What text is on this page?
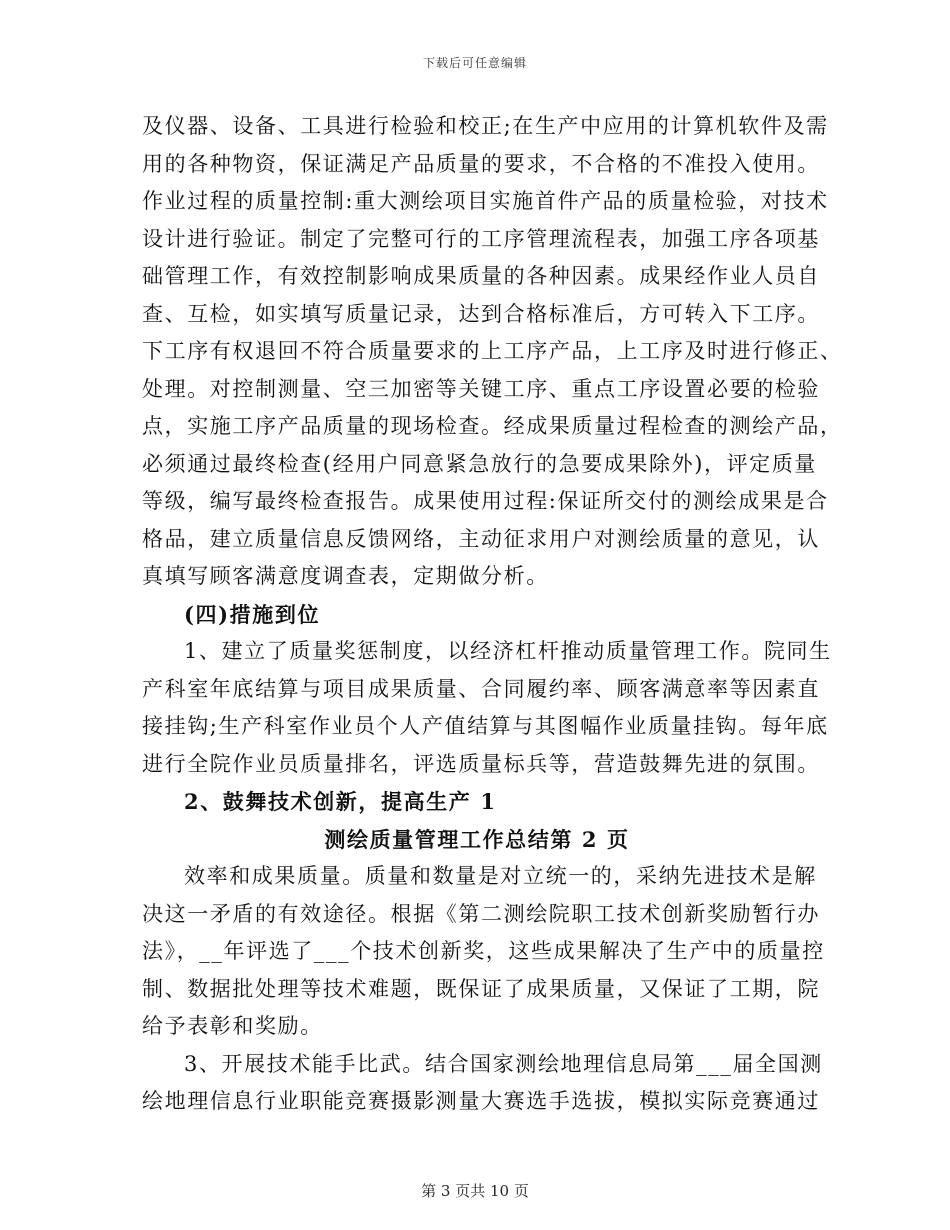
下载后可任意编辑
及仪器、设备、工具进行检验和校正;在生产中应用的计算机软件及需
用的各种物资，保证满足产品质量的要求，不合格的不准投入使用。
作业过程的质量控制:重大测绘项目实施首件产品的质量检验，对技术
设计进行验证。制定了完整可行的工序管理流程表，加强工序各项基
础管理工作，有效控制影响成果质量的各种因素。成果经作业人员自
查、互检，如实填写质量记录，达到合格标准后，方可转入下工序。
下工序有权退回不符合质量要求的上工序产品，上工序及时进行修正、
处理。对控制测量、空三加密等关键工序、重点工序设置必要的检验
点，实施工序产品质量的现场检查。经成果质量过程检查的测绘产品，
必须通过最终检查(经用户同意紧急放行的急要成果除外)，评定质量
等级，编写最终检查报告。成果使用过程:保证所交付的测绘成果是合
格品，建立质量信息反馈网络，主动征求用户对测绘质量的意见，认
真填写顾客满意度调查表，定期做分析。
(四)措施到位
1、建立了质量奖惩制度，以经济杠杆推动质量管理工作。院同生
产科室年底结算与项目成果质量、合同履约率、顾客满意率等因素直
接挂钩;生产科室作业员个人产值结算与其图幅作业质量挂钩。每年底
进行全院作业员质量排名，评选质量标兵等，营造鼓舞先进的氛围。
2、鼓舞技术创新，提高生产 1
测绘质量管理工作总结第 2 页
效率和成果质量。质量和数量是对立统一的，采纳先进技术是解
决这一矛盾的有效途径。根据《第二测绘院职工技术创新奖励暂行办
法》，__年评选了___个技术创新奖，这些成果解决了生产中的质量控
制、数据批处理等技术难题，既保证了成果质量，又保证了工期，院
给予表彰和奖励。
3、开展技术能手比武。结合国家测绘地理信息局第___届全国测
绘地理信息行业职能竞赛摄影测量大赛选手选拔，模拟实际竞赛通过
第 3 页共 10 页
